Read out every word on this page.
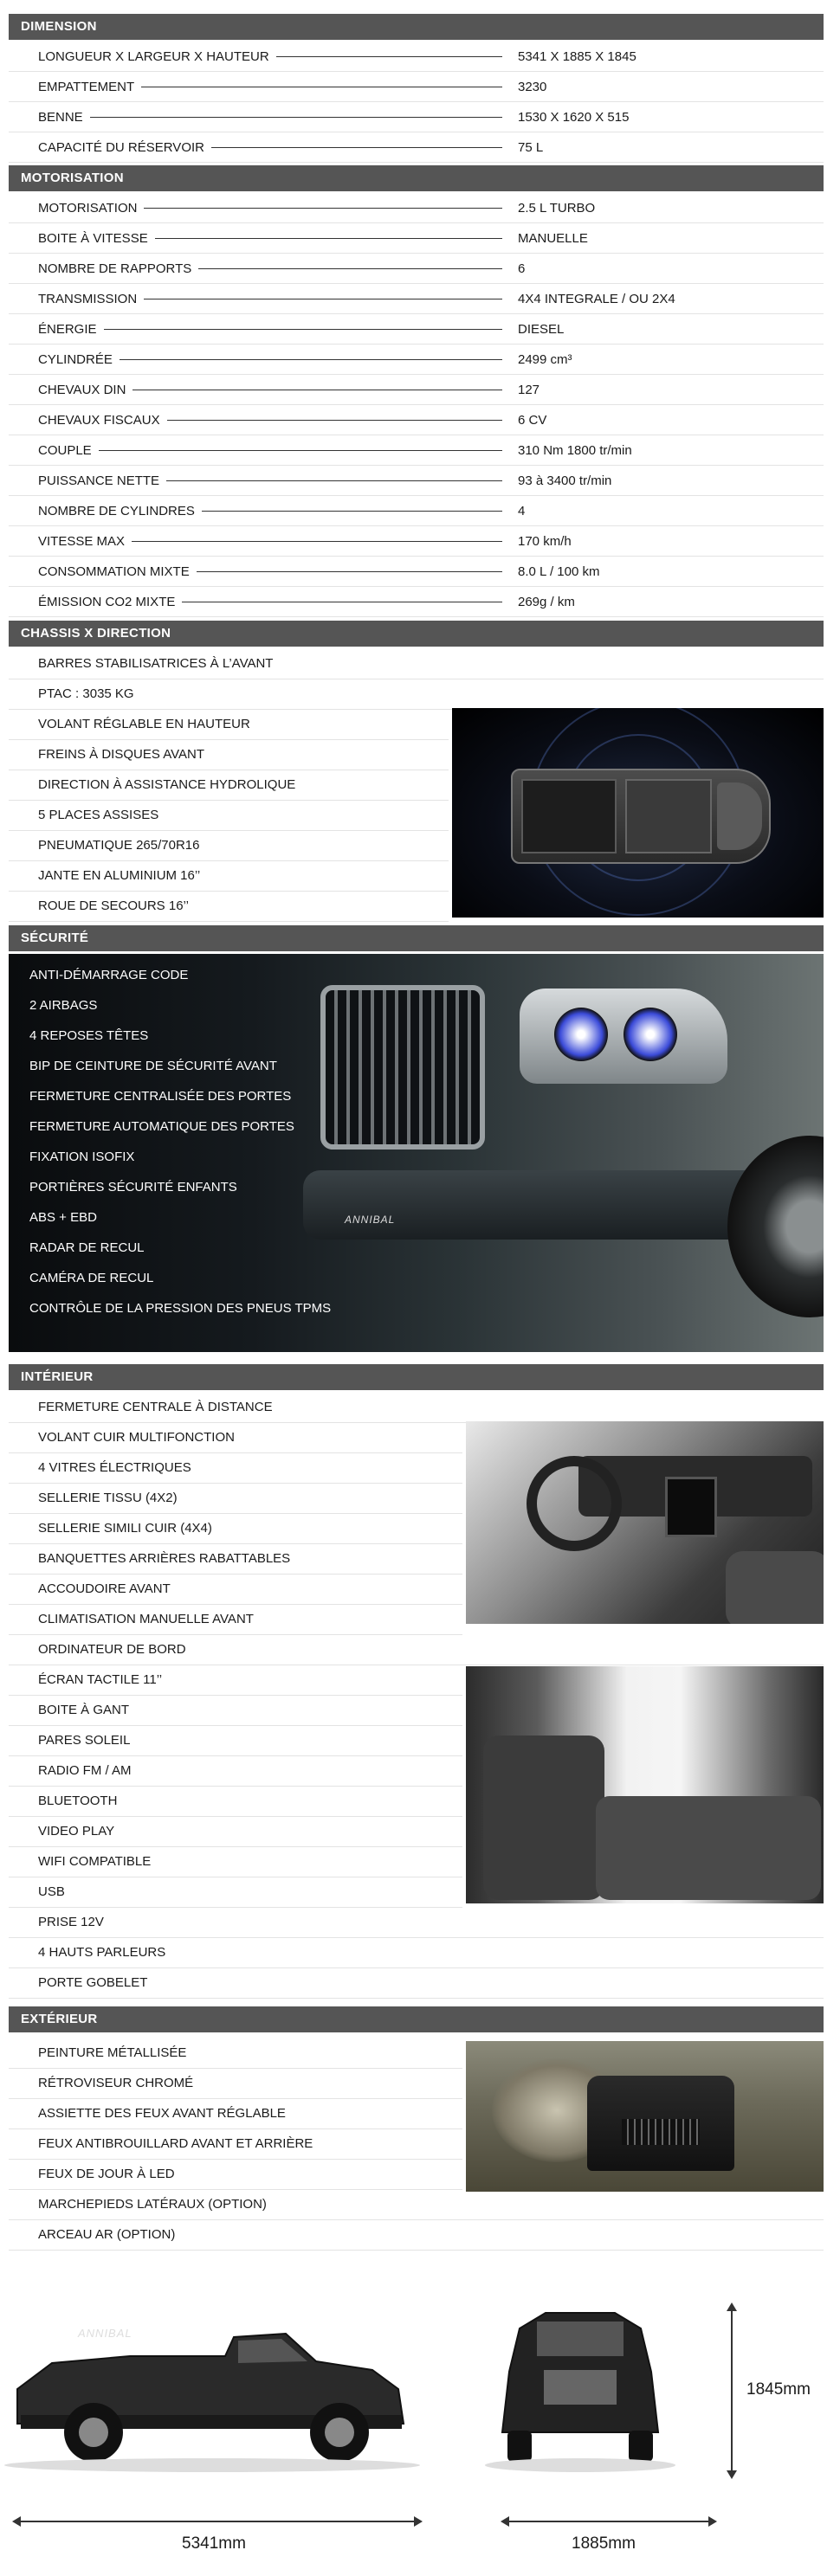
DIMENSION
LONGUEUR X LARGEUR X HAUTEUR	5341 X 1885 X 1845
EMPATTEMENT	3230
BENNE	1530 X 1620 X 515
CAPACITÉ DU RÉSERVOIR	75 L
MOTORISATION
MOTORISATION	2.5 L TURBO
BOITE À VITESSE	MANUELLE
NOMBRE DE RAPPORTS	6
TRANSMISSION	4X4 INTEGRALE / OU 2X4
ÉNERGIE	DIESEL
CYLINDRÉE	2499 cm³
CHEVAUX DIN	127
CHEVAUX FISCAUX	6 CV
COUPLE	310 Nm 1800 tr/min
PUISSANCE NETTE	93 à 3400 tr/min
NOMBRE DE CYLINDRES	4
VITESSE MAX	170 km/h
CONSOMMATION MIXTE	8.0 L / 100 km
ÉMISSION CO2 MIXTE	269g / km
CHASSIS X DIRECTION
BARRES STABILISATRICES À L’AVANT
PTAC : 3035 KG
VOLANT RÉGLABLE EN HAUTEUR
FREINS À DISQUES AVANT
DIRECTION À ASSISTANCE HYDROLIQUE
5 PLACES ASSISES
PNEUMATIQUE 265/70R16
JANTE EN ALUMINIUM 16’’
ROUE DE SECOURS 16’’
SÉCURITÉ
ANNIBAL
ANTI-DÉMARRAGE CODE
2 AIRBAGS
4 REPOSES TÊTES
BIP DE CEINTURE DE SÉCURITÉ AVANT
FERMETURE CENTRALISÉE DES PORTES
FERMETURE AUTOMATIQUE DES PORTES
FIXATION ISOFIX
PORTIÈRES SÉCURITÉ ENFANTS
ABS + EBD
RADAR DE RECUL
CAMÉRA DE RECUL
CONTRÔLE DE LA PRESSION DES PNEUS TPMS
INTÉRIEUR
FERMETURE CENTRALE À DISTANCE
VOLANT CUIR MULTIFONCTION
4 VITRES ÉLECTRIQUES
SELLERIE TISSU (4X2)
SELLERIE SIMILI CUIR (4X4)
BANQUETTES ARRIÈRES RABATTABLES
ACCOUDOIRE AVANT
CLIMATISATION MANUELLE AVANT
ORDINATEUR DE BORD
ÉCRAN TACTILE 11’’
BOITE À GANT
PARES SOLEIL
RADIO FM / AM
BLUETOOTH
VIDEO PLAY
WIFI COMPATIBLE
USB
PRISE 12V
4 HAUTS PARLEURS
PORTE GOBELET
EXTÉRIEUR
PEINTURE MÉTALLISÉE
RÉTROVISEUR CHROMÉ
ASSIETTE DES FEUX AVANT RÉGLABLE
FEUX ANTIBROUILLARD AVANT ET ARRIÈRE
FEUX DE JOUR À LED
MARCHEPIEDS LATÉRAUX (OPTION)
ARCEAU AR (OPTION)
ANNIBAL
5341mm	1885mm
1845mm
